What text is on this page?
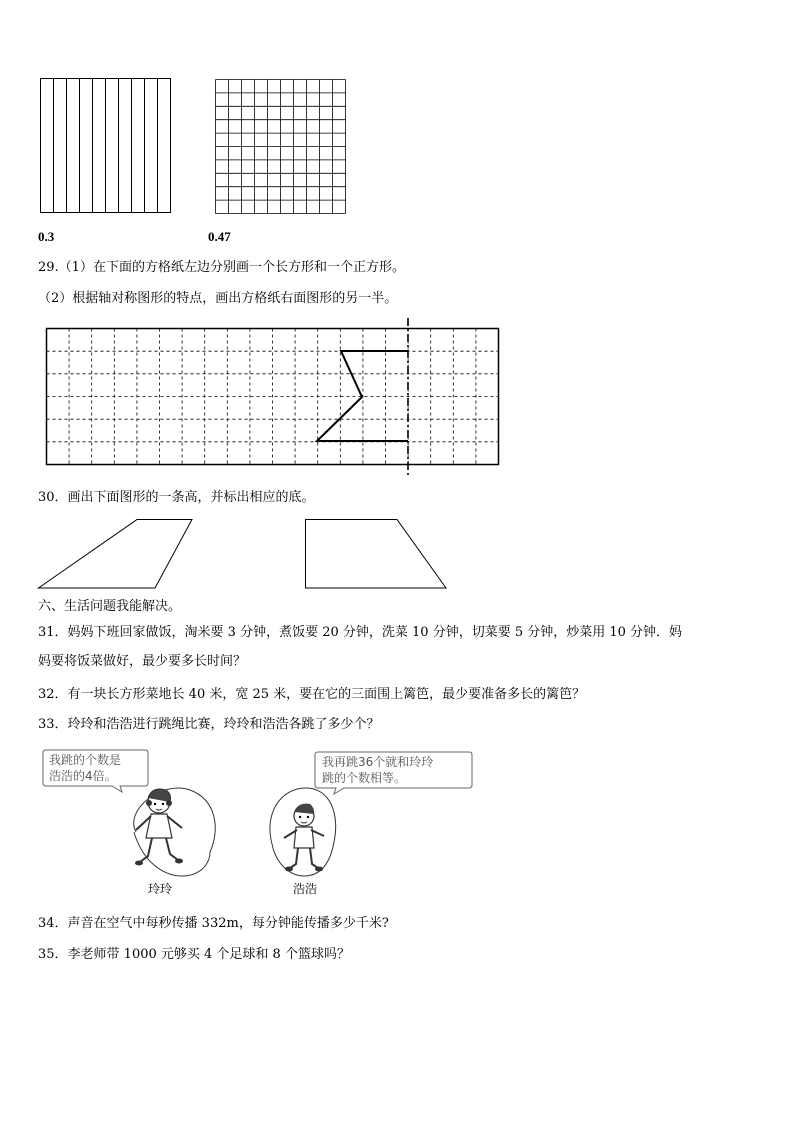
0.3	0.47
29.（1）在下面的方格纸左边分别画一个长方形和一个正方形。
（2）根据轴对称图形的特点，画出方格纸右面图形的另一半。
30．画出下面图形的一条高，并标出相应的底。
六、生活问题我能解决。
31．妈妈下班回家做饭，淘米要 3 分钟，煮饭要 20 分钟，洗菜 10 分钟，切菜要 5 分钟，炒菜用 10 分钟．妈
妈要将饭菜做好，最少要多长时间？
32．有一块长方形菜地长 40 米，宽 25 米，要在它的三面围上篱笆，最少要准备多长的篱笆？
33．玲玲和浩浩进行跳绳比赛，玲玲和浩浩各跳了多少个？
我跳的个数是
浩浩的4倍。
我再跳36个就和玲玲
跳的个数相等。
玲玲	浩浩
34．声音在空气中每秒传播 332m，每分钟能传播多少千米?
35．李老师带 1000 元够买 4 个足球和 8 个篮球吗？
